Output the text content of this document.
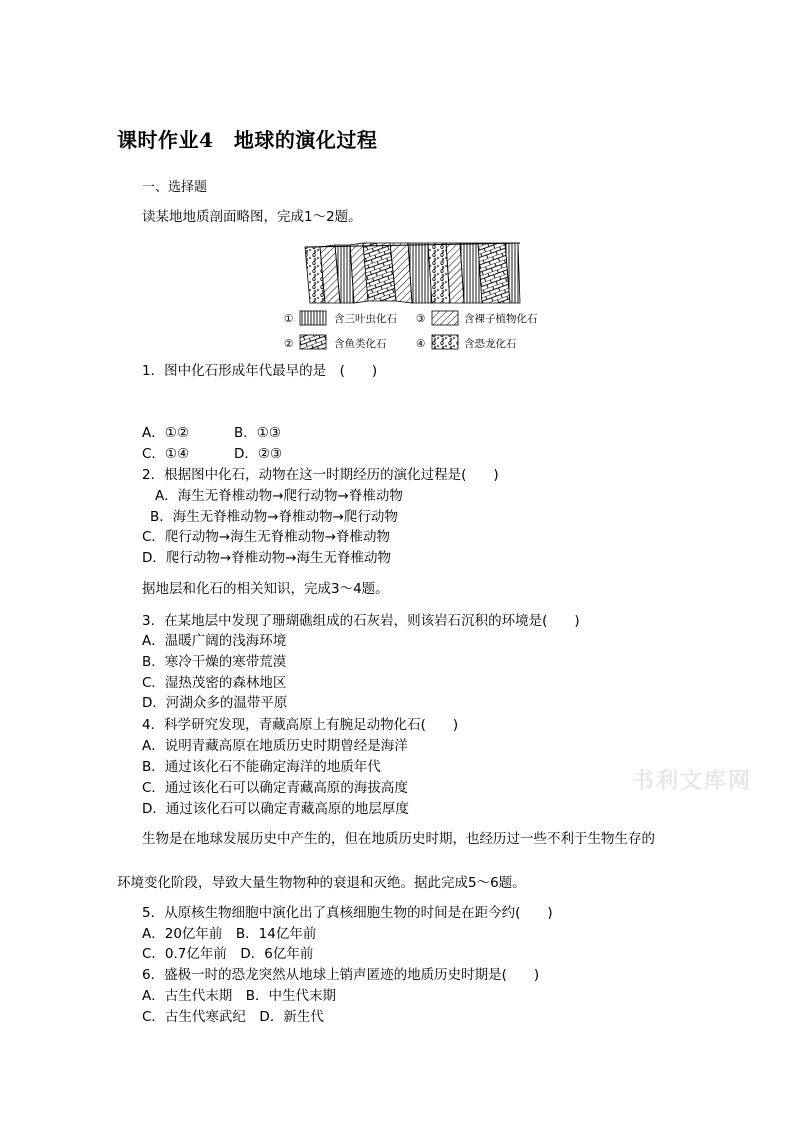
课时作业4　地球的演化过程
一、选择题
读某地地质剖面略图，完成1～2题。
①	含三叶虫化石 ③	含裸子植物化石
②	含鱼类化石	④	含恐龙化石
1．图中化石形成年代最早的是　(　　)
A．①②	B．①③
C．①④	D．②③
2．根据图中化石，动物在这一时期经历的演化过程是(　　)
A．海生无脊椎动物→爬行动物→脊椎动物
B．海生无脊椎动物→脊椎动物→爬行动物
C．爬行动物→海生无脊椎动物→脊椎动物
D．爬行动物→脊椎动物→海生无脊椎动物
据地层和化石的相关知识，完成3～4题。
3．在某地层中发现了珊瑚礁组成的石灰岩，则该岩石沉积的环境是(　　)
A．温暖广阔的浅海环境
B．寒冷干燥的寒带荒漠
C．湿热茂密的森林地区
D．河湖众多的温带平原
4．科学研究发现，青藏高原上有腕足动物化石(　　)
A．说明青藏高原在地质历史时期曾经是海洋
B．通过该化石不能确定海洋的地质年代
C．通过该化石可以确定青藏高原的海拔高度
D．通过该化石可以确定青藏高原的地层厚度
书利文库网
生物是在地球发展历史中产生的，但在地质历史时期，也经历过一些不利于生物生存的
环境变化阶段，导致大量生物物种的衰退和灭绝。据此完成5～6题。
5．从原核生物细胞中演化出了真核细胞生物的时间是在距今约(　　)
A．20亿年前　B．14亿年前
C．0.7亿年前　D．6亿年前
6．盛极一时的恐龙突然从地球上销声匿迹的地质历史时期是(　　)
A．古生代末期　B．中生代末期
C．古生代寒武纪　D．新生代
